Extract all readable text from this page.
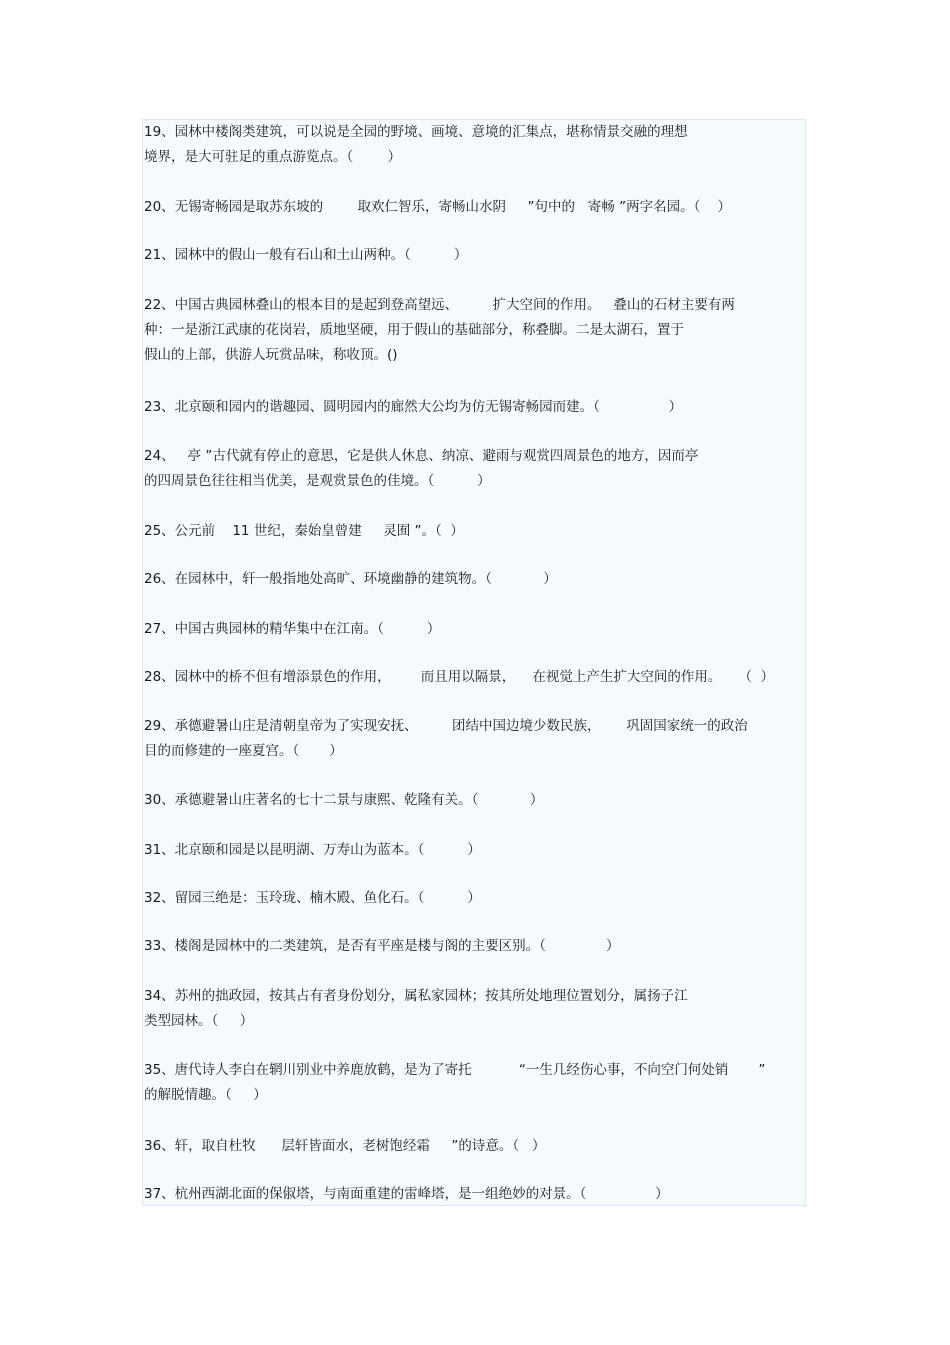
19、园林中楼阁类建筑，可以说是全园的野境、画境、意境的汇集点，堪称情景交融的理想
境界，是大可驻足的重点游览点。（        ）
20、无锡寄畅园是取苏东坡的        取欢仁智乐，寄畅山水阴     ”句中的   寄畅 ”两字名园。（    ）
21、园林中的假山一般有石山和土山两种。（          ）
22、中国古典园林叠山的根本目的是起到登高望远、        扩大空间的作用。   叠山的石材主要有两
种：一是浙江武康的花岗岩，质地坚硬，用于假山的基础部分，称叠脚。二是太湖石，置于
假山的上部，供游人玩赏品味，称收顶。()
23、北京颐和园内的谐趣园、圆明园内的廊然大公均为仿无锡寄畅园而建。（                ）
24、   亭 ”古代就有停止的意思，它是供人休息、纳凉、避雨与观赏四周景色的地方，因而亭
的四周景色往往相当优美，是观赏景色的佳境。（          ）
25、公元前    11 世纪，秦始皇曾建     灵囿 ”。（  ）
26、在园林中，轩一般指地处高旷、环境幽静的建筑物。（            ）
27、中国古典园林的精华集中在江南。（          ）
28、园林中的桥不但有增添景色的作用，       而且用以隔景，    在视觉上产生扩大空间的作用。    （  ）
29、承德避暑山庄是清朝皇帝为了实现安抚、        团结中国边境少数民族，      巩固国家统一的政治
目的而修建的一座夏宫。（       ）
30、承德避暑山庄著名的七十二景与康熙、乾隆有关。（            ）
31、北京颐和园是以昆明湖、万寿山为蓝本。（          ）
32、留园三绝是：玉玲珑、楠木殿、鱼化石。（          ）
33、楼阁是园林中的二类建筑，是否有平座是楼与阁的主要区别。（              ）
34、苏州的拙政园，按其占有者身份划分，属私家园林；按其所处地理位置划分，属扬子江
类型园林。（     ）
35、唐代诗人李白在辋川别业中养鹿放鹤，是为了寄托           “一生几经伤心事，不向空门何处销       ”
的解脱情趣。（     ）
36、轩，取自杜牧      层轩皆面水，老树饱经霜     ”的诗意。（   ）
37、杭州西湖北面的保俶塔，与南面重建的雷峰塔，是一组绝妙的对景。（                ）
